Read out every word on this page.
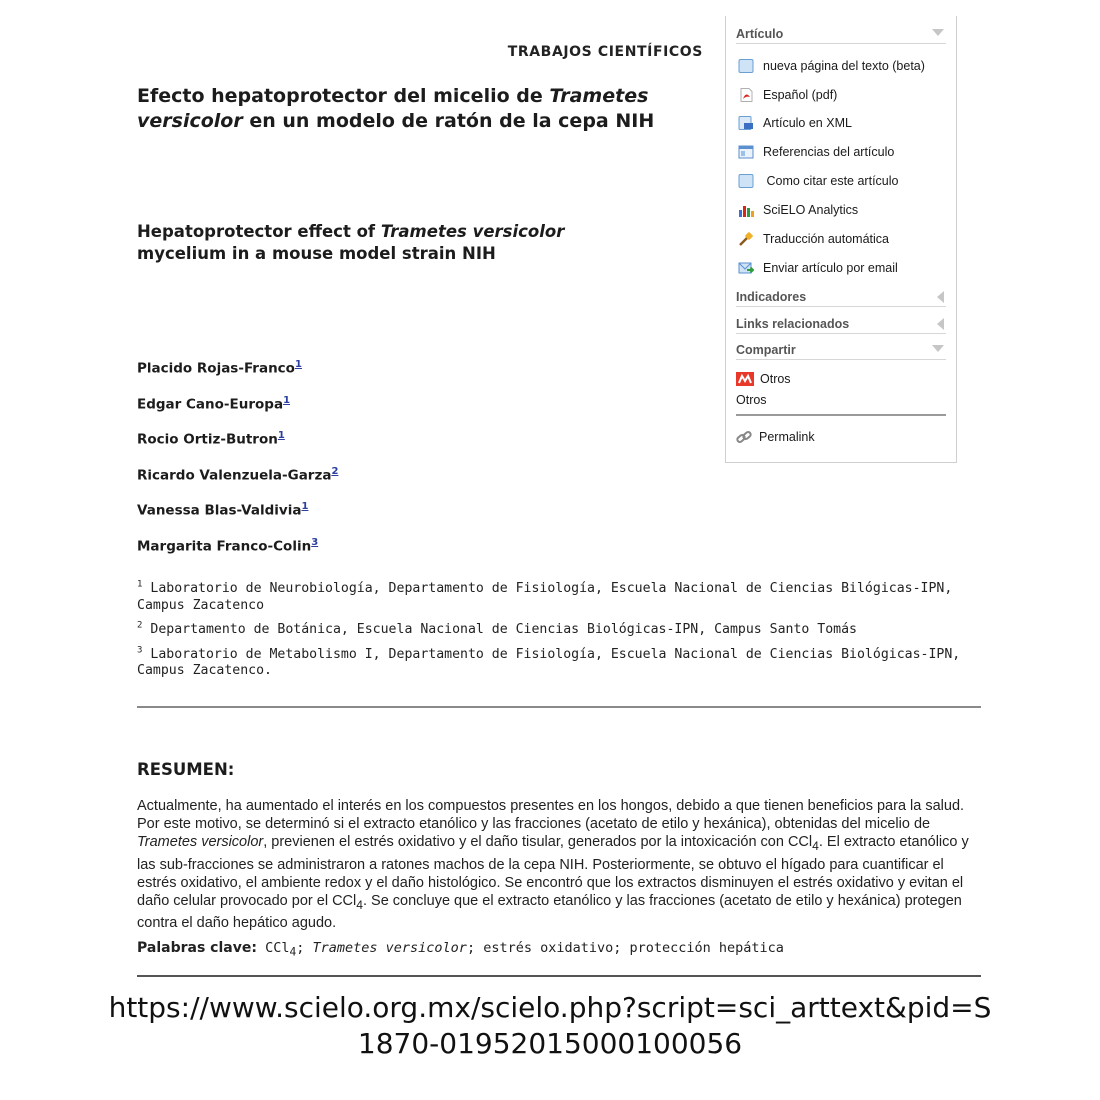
TRABAJOS CIENTÍFICOS
Efecto hepatoprotector del micelio de Trametes versicolor en un modelo de ratón de la cepa NIH
Hepatoprotector effect of Trametes versicolor mycelium in a mouse model strain NIH
Placido Rojas-Franco$^1$
Edgar Cano-Europa$^1$
Rocio Ortiz-Butron$^1$
Ricardo Valenzuela-Garza$^2$
Vanessa Blas-Valdivia$^1$
Margarita Franco-Colin$^3$
$^1$ Laboratorio de Neurobiología, Departamento de Fisiología, Escuela Nacional de Ciencias Bilógicas-IPN, Campus Zacatenco
$^2$ Departamento de Botánica, Escuela Nacional de Ciencias Biológicas-IPN, Campus Santo Tomás
$^3$ Laboratorio de Metabolismo I, Departamento de Fisiología, Escuela Nacional de Ciencias Biológicas-IPN, Campus Zacatenco.
RESUMEN:
Actualmente, ha aumentado el interés en los compuestos presentes en los hongos, debido a que tienen beneficios para la salud. Por este motivo, se determinó si el extracto etanólico y las fracciones (acetato de etilo y hexánica), obtenidas del micelio de Trametes versicolor, previenen el estrés oxidativo y el daño tisular, generados por la intoxicación con CCl$_4$. El extracto etanólico y las sub-fracciones se administraron a ratones machos de la cepa NIH. Posteriormente, se obtuvo el hígado para cuantificar el estrés oxidativo, el ambiente redox y el daño histológico. Se encontró que los extractos disminuyen el estrés oxidativo y evitan el daño celular provocado por el CCl$_4$. Se concluye que el extracto etanólico y las fracciones (acetato de etilo y hexánica) protegen contra el daño hepático agudo.
Palabras clave: CCl$_4$; Trametes versicolor; estrés oxidativo; protección hepática
https://www.scielo.org.mx/scielo.php?script=sci_arttext&pid=S1870-01952015000100056
Artículo
nueva página del texto (beta)
Español (pdf)
Artículo en XML
Referencias del artículo
Como citar este artículo
SciELO Analytics
Traducción automática
Enviar artículo por email
Indicadores
Links relacionados
Compartir
Otros
Otros
Permalink
